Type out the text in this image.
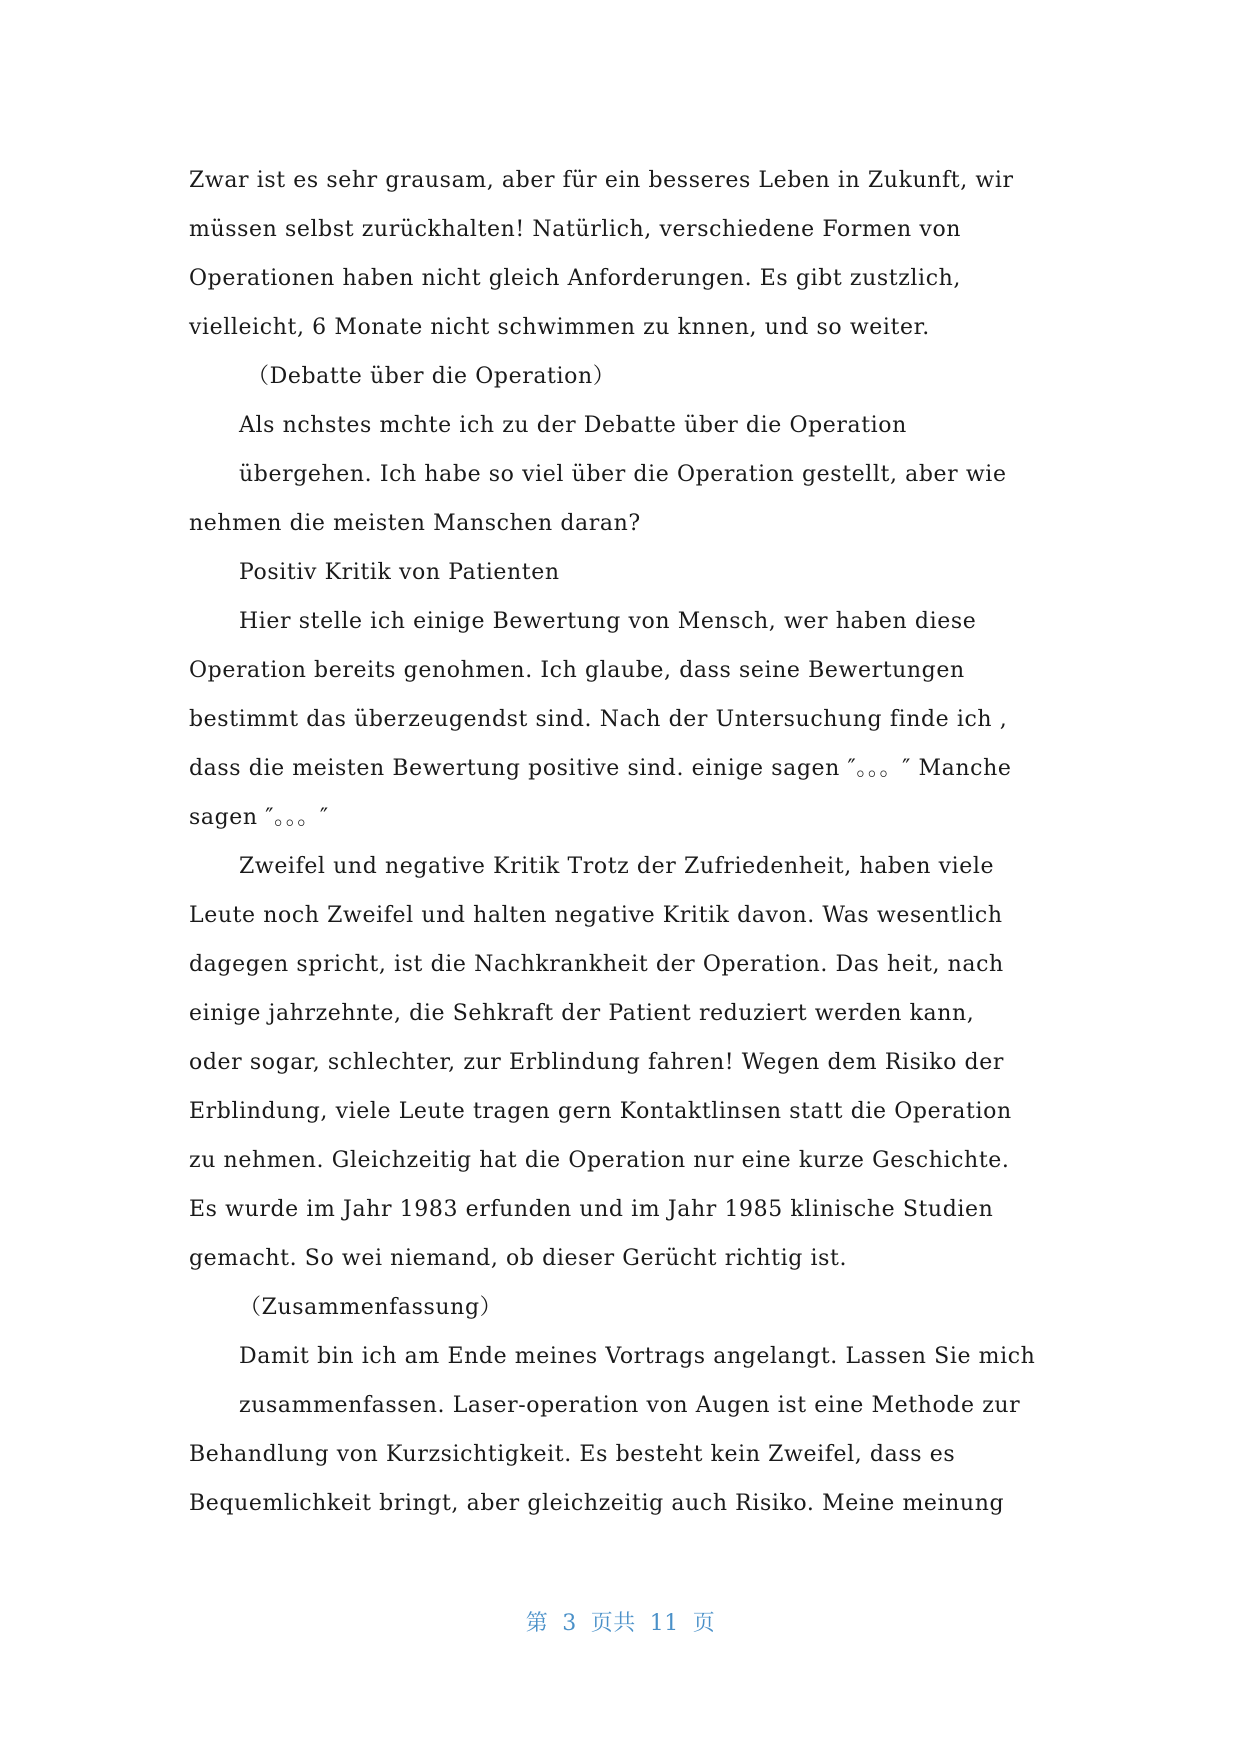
Zwar ist es sehr grausam, aber für ein besseres Leben in Zukunft, wir
müssen selbst zurückhalten! Natürlich, verschiedene Formen von
Operationen haben nicht gleich Anforderungen. Es gibt zustzlich,
vielleicht, 6 Monate nicht schwimmen zu knnen, und so weiter.
（Debatte über die Operation）
Als nchstes mchte ich zu der Debatte über die Operation
übergehen. Ich habe so viel über die Operation gestellt, aber wie
nehmen die meisten Manschen daran?
Positiv Kritik von Patienten
Hier stelle ich einige Bewertung von Mensch, wer haben diese
Operation bereits genohmen. Ich glaube, dass seine Bewertungen
bestimmt das überzeugendst sind. Nach der Untersuchung finde ich ,
dass die meisten Bewertung positive sind. einige sagen ″。。。″ Manche
sagen ″。。。″
Zweifel und negative Kritik Trotz der Zufriedenheit, haben viele
Leute noch Zweifel und halten negative Kritik davon. Was wesentlich
dagegen spricht, ist die Nachkrankheit der Operation. Das heit, nach
einige jahrzehnte, die Sehkraft der Patient reduziert werden kann,
oder sogar, schlechter, zur Erblindung fahren! Wegen dem Risiko der
Erblindung, viele Leute tragen gern Kontaktlinsen statt die Operation
zu nehmen. Gleichzeitig hat die Operation nur eine kurze Geschichte.
Es wurde im Jahr 1983 erfunden und im Jahr 1985 klinische Studien
gemacht. So wei niemand, ob dieser Gerücht richtig ist.
（Zusammenfassung）
Damit bin ich am Ende meines Vortrags angelangt. Lassen Sie mich
zusammenfassen. Laser-operation von Augen ist eine Methode zur
Behandlung von Kurzsichtigkeit. Es besteht kein Zweifel, dass es
Bequemlichkeit bringt, aber gleichzeitig auch Risiko. Meine meinung
第 3 页共 11 页
